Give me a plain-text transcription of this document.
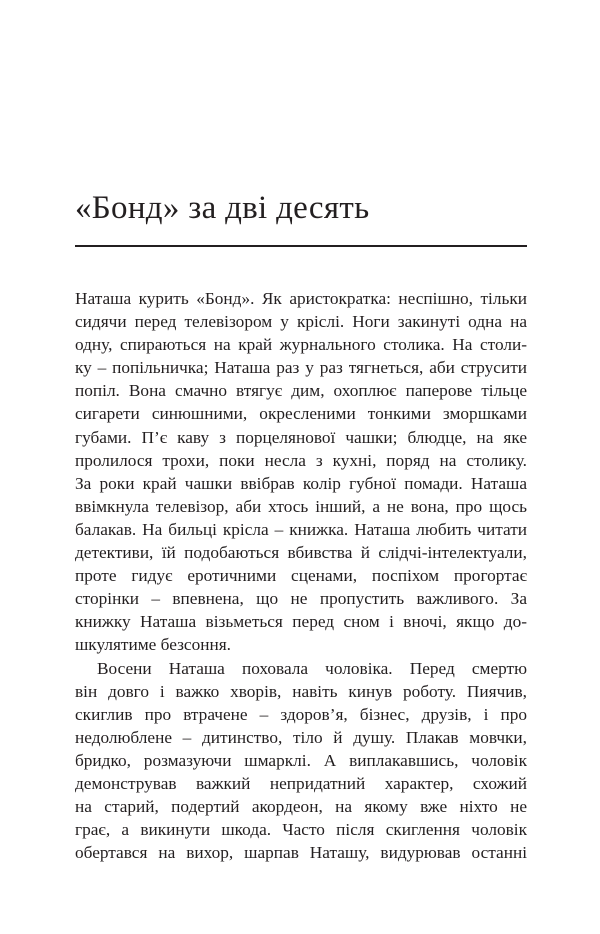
«Бонд» за дві десять
Наташа курить «Бонд». Як аристократка: неспішно, тільки
сидячи перед телевізором у кріслі. Ноги закинуті одна на
одну, спираються на край журнального столика. На столи-
ку – попільничка; Наташа раз у раз тягнеться, аби струсити
попіл. Вона смачно втягує дим, охоплює паперове тільце
сигарети синюшними, окресленими тонкими зморшками
губами. П’є каву з порцелянової чашки; блюдце, на яке
пролилося трохи, поки несла з кухні, поряд на столику.
За роки край чашки ввібрав колір губної помади. Наташа
ввімкнула телевізор, аби хтось інший, а не вона, про щось
балакав. На бильці крісла – книжка. Наташа любить читати
детективи, їй подобаються вбивства й слідчі-інтелектуали,
проте гидує еротичними сценами, поспіхом прогортає
сторінки – впевнена, що не пропустить важливого. За
книжку Наташа візьметься перед сном і вночі, якщо до-
шкулятиме безсоння.
Восени Наташа поховала чоловіка. Перед смертю
він довго і важко хворів, навіть кинув роботу. Пиячив,
скиглив про втрачене – здоров’я, бізнес, друзів, і про
недолюблене – дитинство, тіло й душу. Плакав мовчки,
бридко, розмазуючи шмарклі. А виплакавшись, чоловік
демонстрував важкий непридатний характер, схожий
на старий, подертий акордеон, на якому вже ніхто не
грає, а викинути шкода. Часто після скиглення чоловік
обертався на вихор, шарпав Наташу, видурював останні
